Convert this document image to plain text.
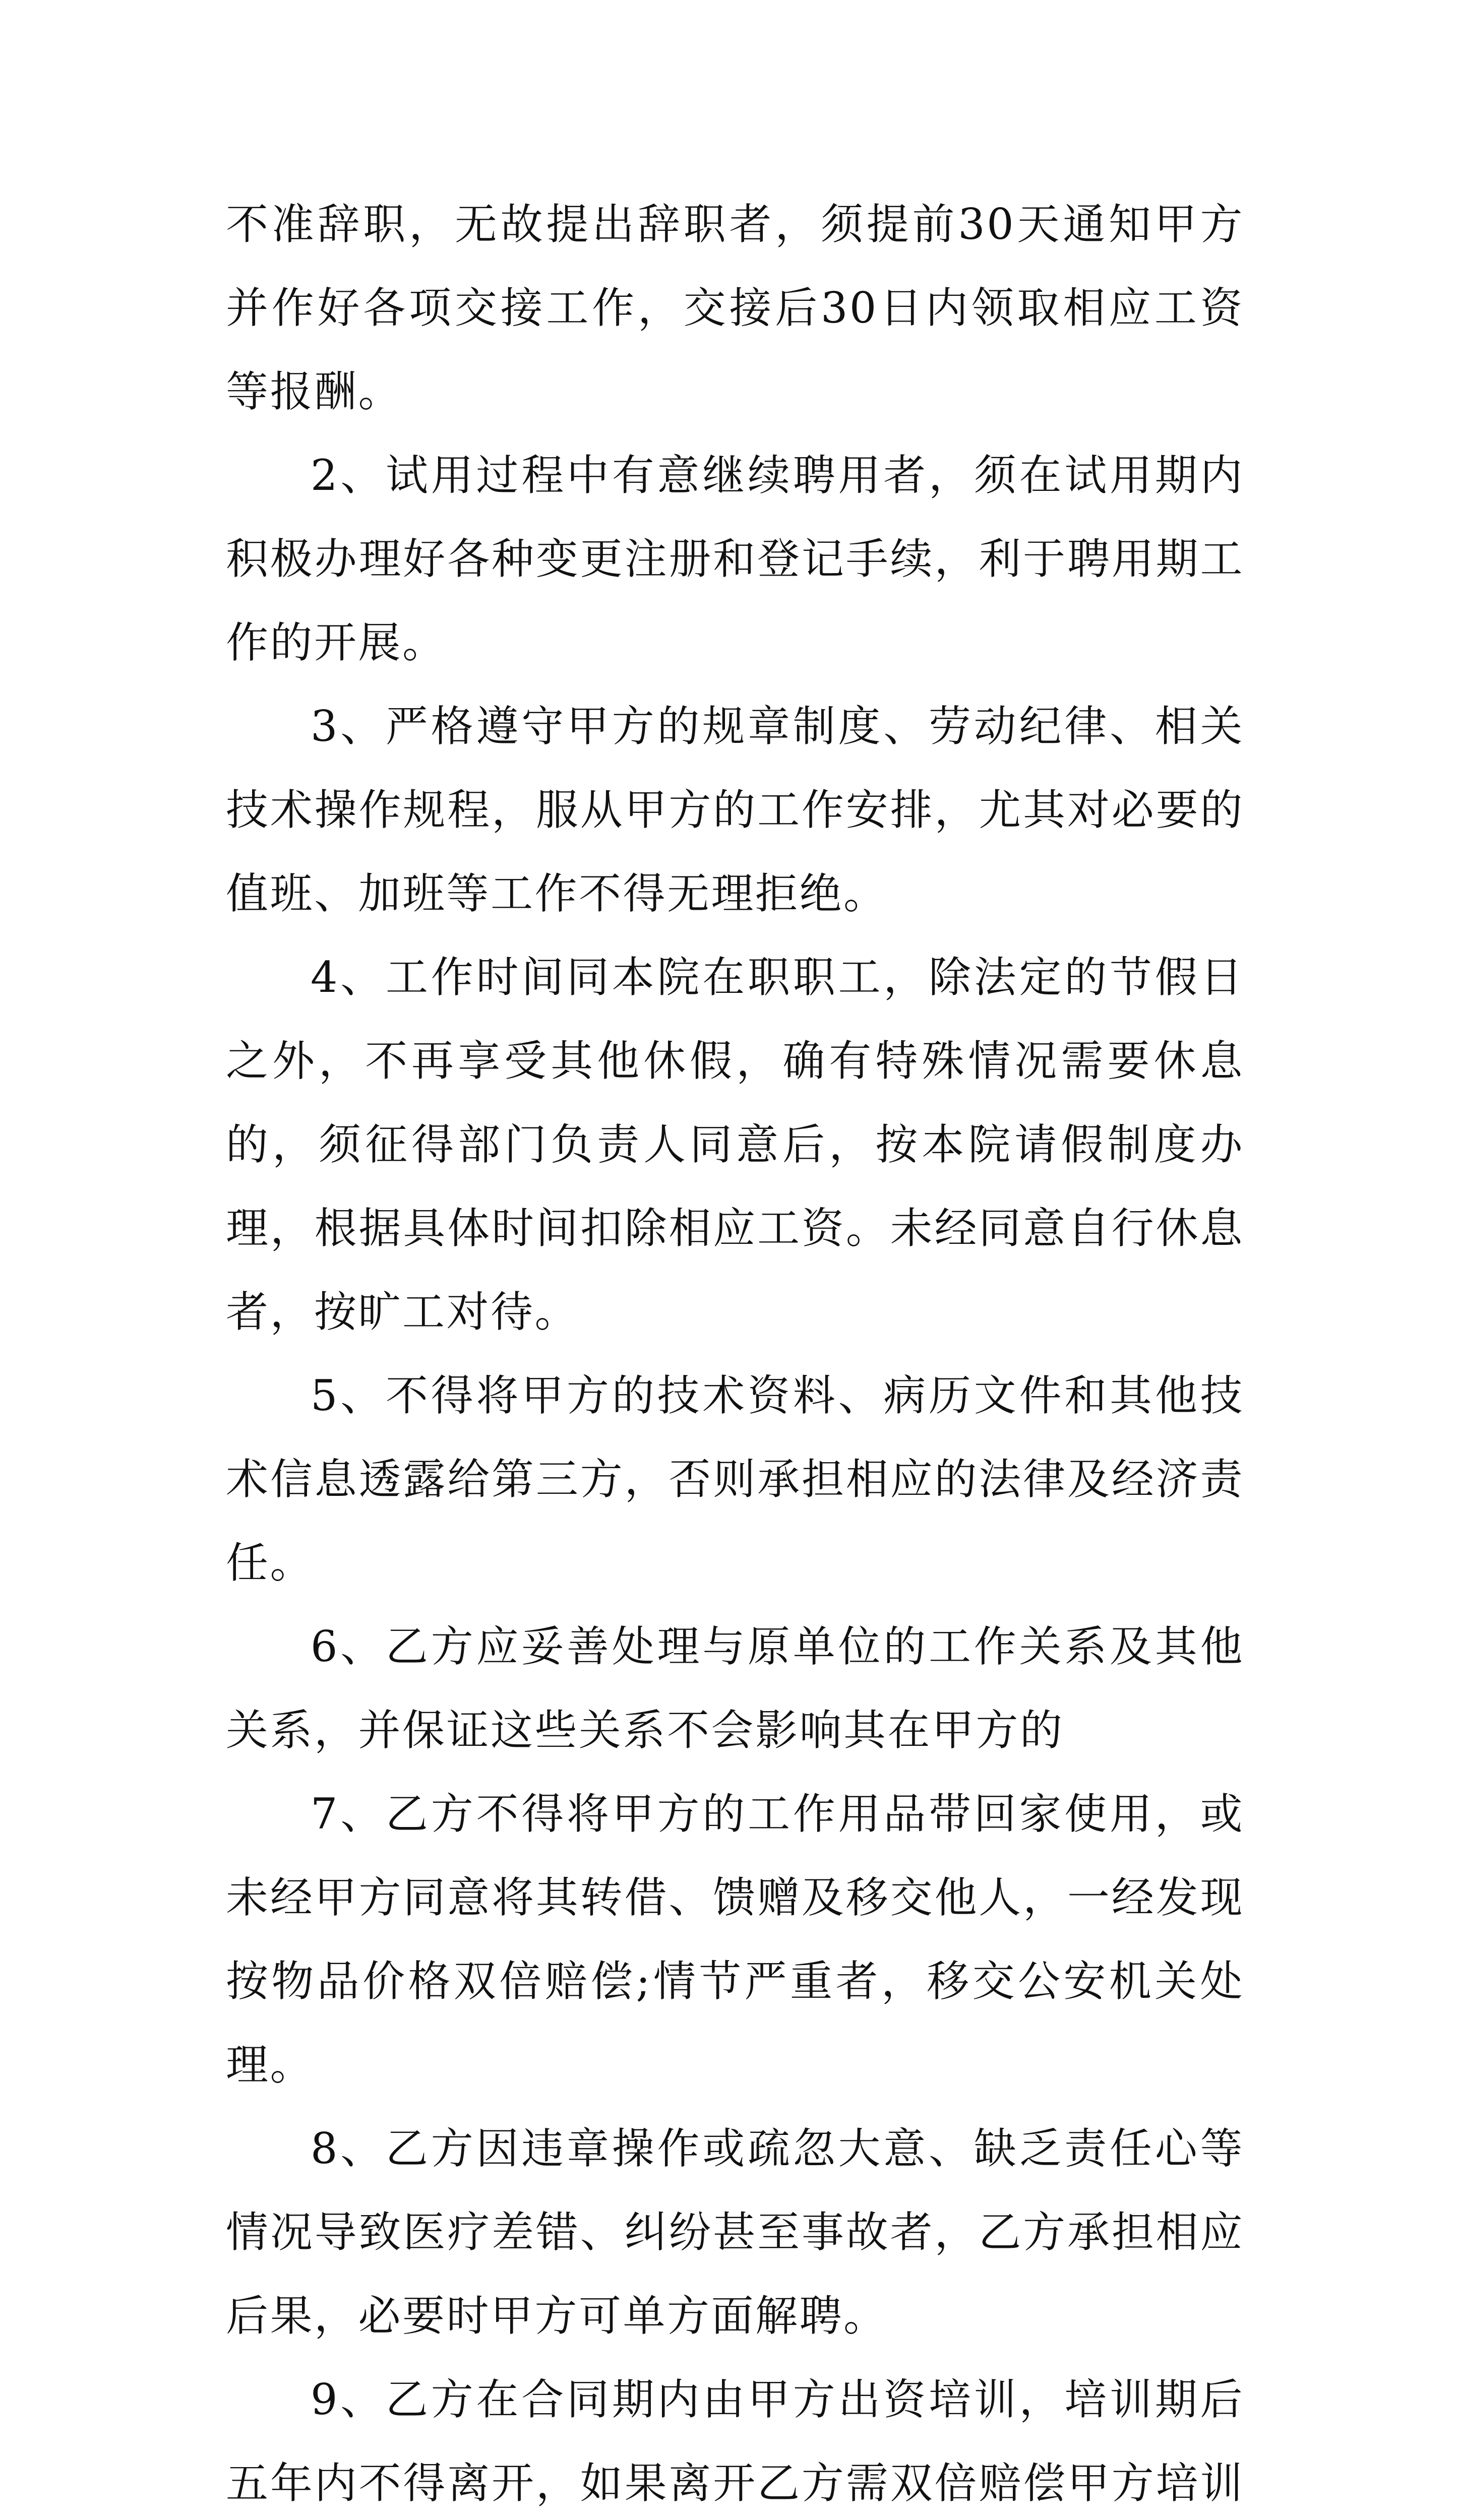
不准辞职，无故提出辞职者，须提前30天通知甲方并作好各项交接工作，交接后30日内领取相应工资等报酬。

2、试用过程中有意继续聘用者，须在试用期内积极办理好各种变更注册和登记手续，利于聘用期工作的开展。

3、严格遵守甲方的规章制度、劳动纪律、相关技术操作规程，服从甲方的工作安排，尤其对必要的值班、加班等工作不得无理拒绝。

4、工作时间同本院在职职工，除法定的节假日之外，不再享受其他休假，确有特殊情况需要休息的，须征得部门负责人同意后，按本院请假制度办理，根据具体时间扣除相应工资。未经同意自行休息者，按旷工对待。

5、不得将甲方的技术资料、病历文件和其他技术信息透露给第三方，否则承担相应的法律及经济责任。

6、乙方应妥善处理与原单位的工作关系及其他关系，并保证这些关系不会影响其在甲方的

7、乙方不得将甲方的工作用品带回家使用，或未经甲方同意将其转借、馈赠及移交他人，一经发现按物品价格双倍赔偿;情节严重者，移交公安机关处理。

8、乙方因违章操作或疏忽大意、缺乏责任心等情况导致医疗差错、纠纷甚至事故者，乙方承担相应后果，必要时甲方可单方面解聘。

9、乙方在合同期内由甲方出资培训，培训期后五年内不得离开，如果离开乙方需双倍赔偿甲方培训
